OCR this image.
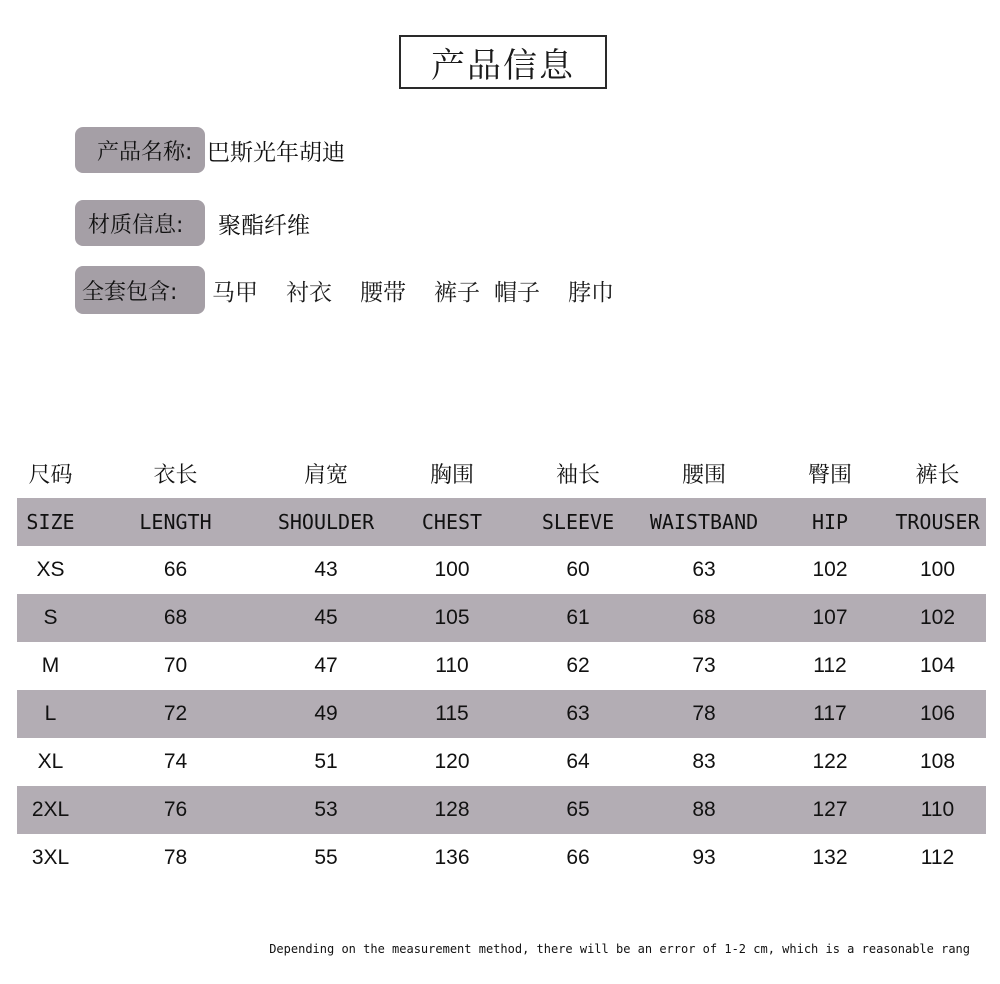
产品信息
产品名称: 巴斯光年胡迪
材质信息:	聚酯纤维
全套包含:	马甲 衬衣 腰带 裤子 帽子 脖巾
尺码	衣长	肩宽	胸围	袖长	腰围	臀围	裤长
SIZE	LENGTH	SHOULDER	CHEST	SLEEVE	WAISTBAND	HIP	TROUSER
XS	66	43	100	60	63	102	100
S	68	45	105	61	68	107	102
M	70	47	110	62	73	112	104
L	72	49	115	63	78	117	106
XL	74	51	120	64	83	122	108
2XL	76	53	128	65	88	127	110
3XL	78	55	136	66	93	132	112
Depending on the measurement method, there will be an error of 1-2 cm, which is a reasonable rang
